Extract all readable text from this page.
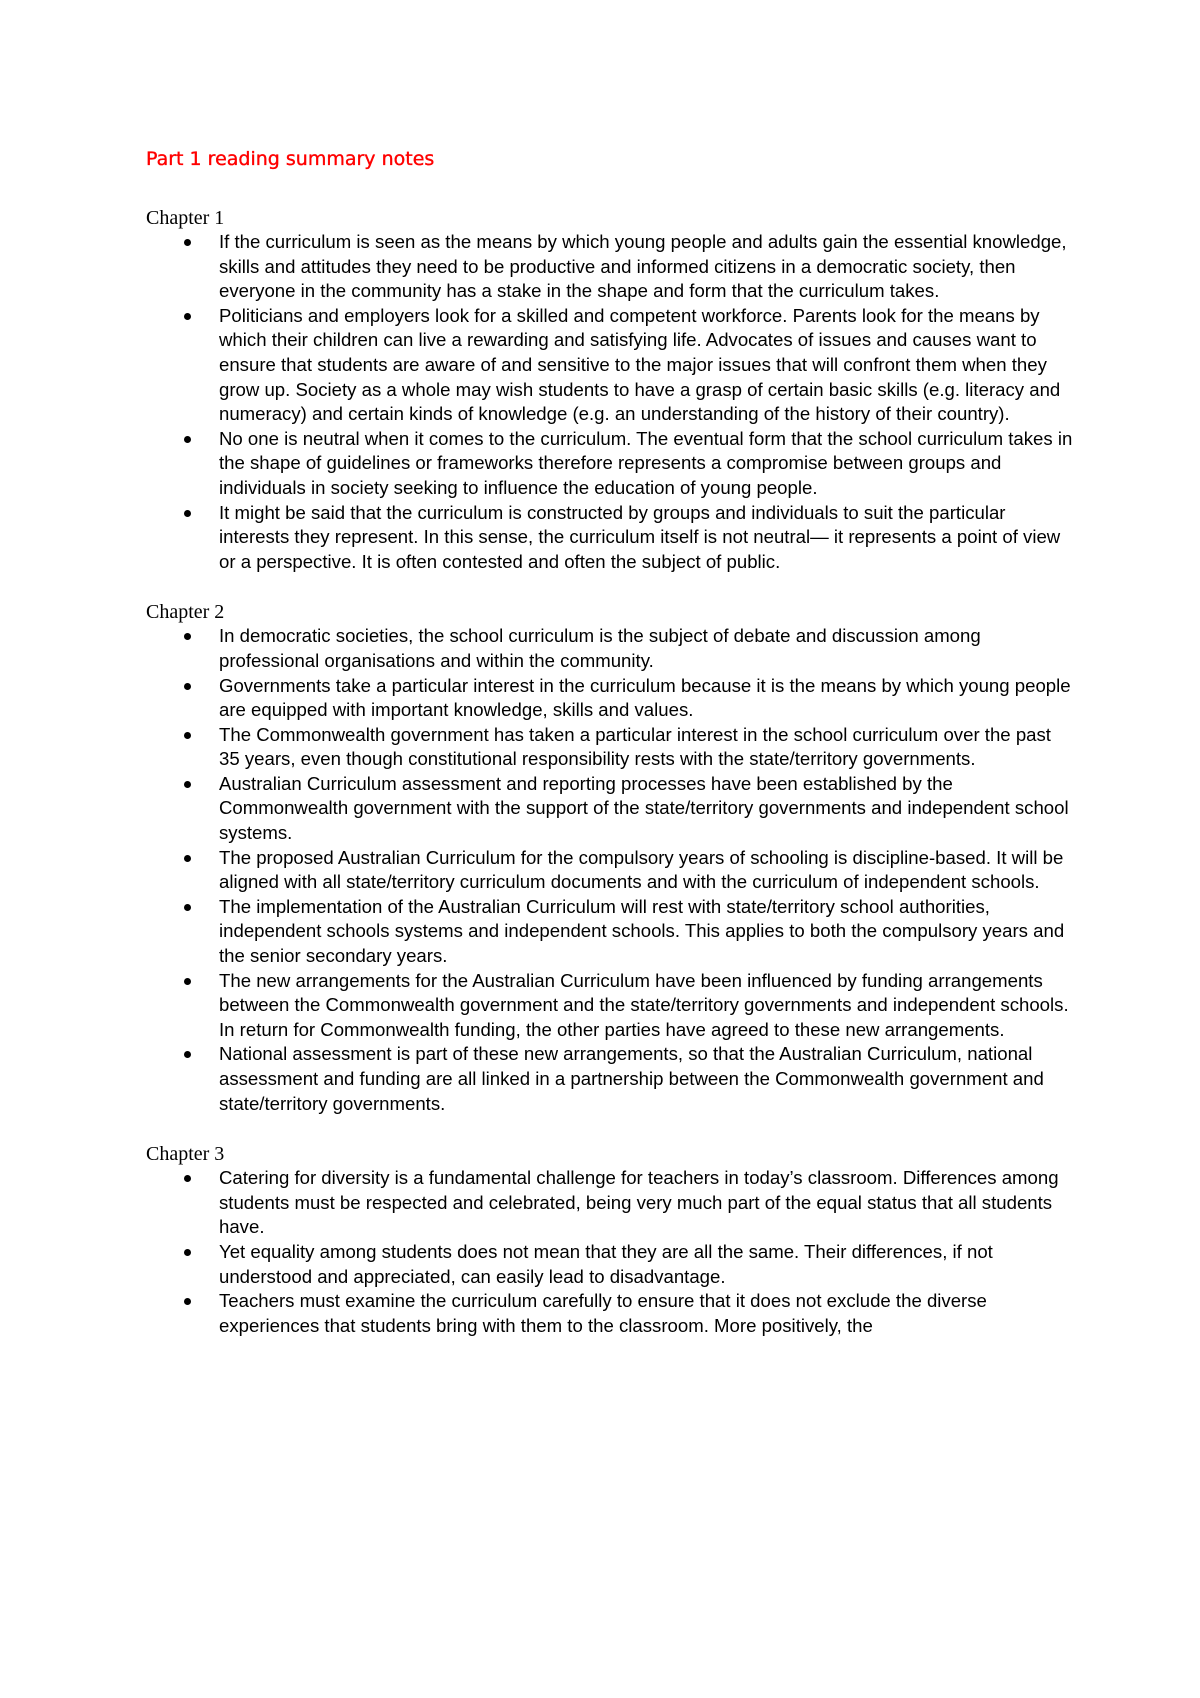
Part 1 reading summary notes

Chapter 1

If the curriculum is seen as the means by which young people and adults gain the essential knowledge, skills and attitudes they need to be productive and informed citizens in a democratic society, then everyone in the community has a stake in the shape and form that the curriculum takes.
Politicians and employers look for a skilled and competent workforce. Parents look for the means by which their children can live a rewarding and satisfying life. Advocates of issues and causes want to ensure that students are aware of and sensitive to the major issues that will confront them when they grow up. Society as a whole may wish students to have a grasp of certain basic skills (e.g. literacy and numeracy) and certain kinds of knowledge (e.g. an understanding of the history of their country).
No one is neutral when it comes to the curriculum. The eventual form that the school curriculum takes in the shape of guidelines or frameworks therefore represents a compromise between groups and individuals in society seeking to influence the education of young people.
It might be said that the curriculum is constructed by groups and individuals to suit the particular interests they represent. In this sense, the curriculum itself is not neutral— it represents a point of view or a perspective. It is often contested and often the subject of public.

Chapter 2

In democratic societies, the school curriculum is the subject of debate and discussion among professional organisations and within the community.
Governments take a particular interest in the curriculum because it is the means by which young people are equipped with important knowledge, skills and values.
The Commonwealth government has taken a particular interest in the school curriculum over the past 35 years, even though constitutional responsibility rests with the state/territory governments.
Australian Curriculum assessment and reporting processes have been established by the Commonwealth government with the support of the state/territory governments and independent school systems.
The proposed Australian Curriculum for the compulsory years of schooling is discipline-based. It will be aligned with all state/territory curriculum documents and with the curriculum of independent schools.
The implementation of the Australian Curriculum will rest with state/territory school authorities, independent schools systems and independent schools. This applies to both the compulsory years and the senior secondary years.
The new arrangements for the Australian Curriculum have been influenced by funding arrangements between the Commonwealth government and the state/territory governments and independent schools. In return for Commonwealth funding, the other parties have agreed to these new arrangements.
National assessment is part of these new arrangements, so that the Australian Curriculum, national assessment and funding are all linked in a partnership between the Commonwealth government and state/territory governments.

Chapter 3

Catering for diversity is a fundamental challenge for teachers in today’s classroom. Differences among students must be respected and celebrated, being very much part of the equal status that all students have.
Yet equality among students does not mean that they are all the same. Their differences, if not understood and appreciated, can easily lead to disadvantage.
Teachers must examine the curriculum carefully to ensure that it does not exclude the diverse experiences that students bring with them to the classroom. More positively, the
